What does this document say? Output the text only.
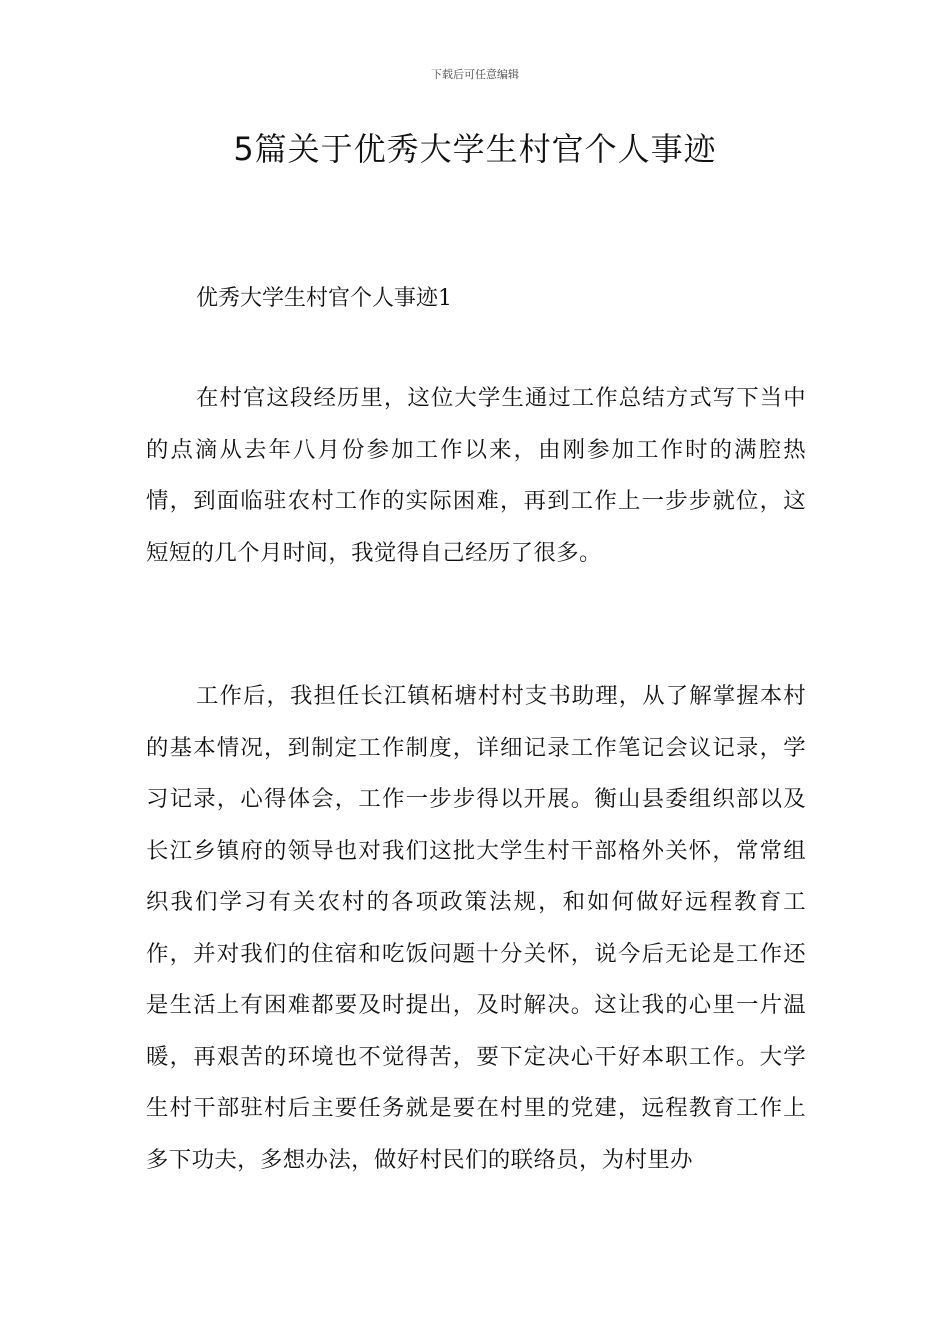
下载后可任意编辑
5篇关于优秀大学生村官个人事迹
优秀大学生村官个人事迹1

在村官这段经历里，这位大学生通过工作总结方式写下当中的点滴从去年八月份参加工作以来，由刚参加工作时的满腔热情，到面临驻农村工作的实际困难，再到工作上一步步就位，这短短的几个月时间，我觉得自己经历了很多。

工作后，我担任长江镇柘塘村村支书助理，从了解掌握本村的基本情况，到制定工作制度，详细记录工作笔记会议记录，学习记录，心得体会，工作一步步得以开展。衡山县委组织部以及长江乡镇府的领导也对我们这批大学生村干部格外关怀，常常组织我们学习有关农村的各项政策法规，和如何做好远程教育工作，并对我们的住宿和吃饭问题十分关怀，说今后无论是工作还是生活上有困难都要及时提出，及时解决。这让我的心里一片温暖，再艰苦的环境也不觉得苦，要下定决心干好本职工作。大学生村干部驻村后主要任务就是要在村里的党建，远程教育工作上多下功夫，多想办法，做好村民们的联络员，为村里办
